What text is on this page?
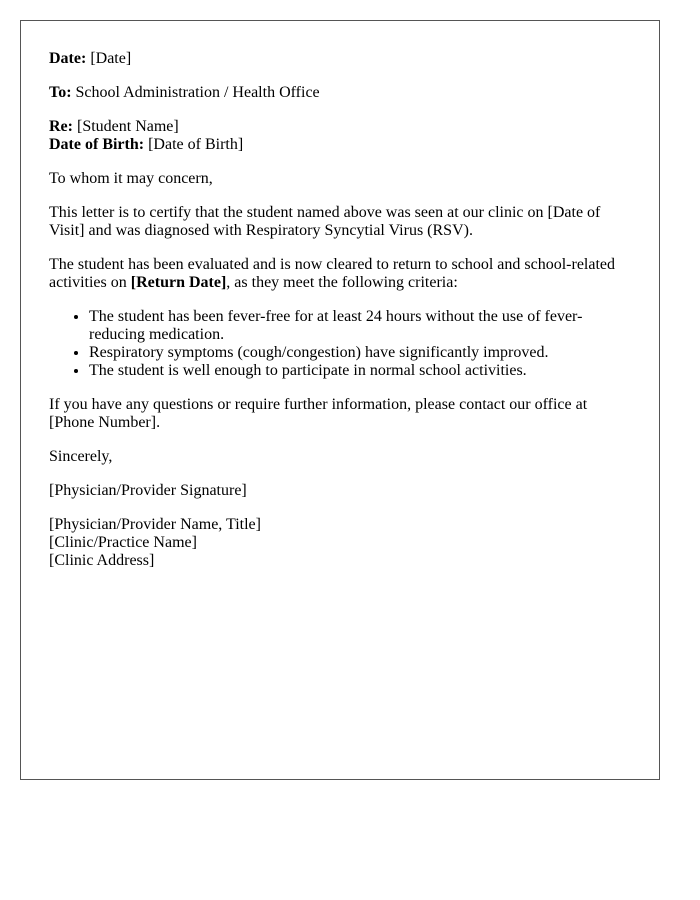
Date: [Date]

To: School Administration / Health Office

Re: [Student Name]

Date of Birth: [Date of Birth]

To whom it may concern,

This letter is to certify that the student named above was seen at our clinic on [Date of Visit] and was diagnosed with Respiratory Syncytial Virus (RSV).

The student has been evaluated and is now cleared to return to school and school-related activities on [Return Date], as they meet the following criteria:

• The student has been fever-free for at least 24 hours without the use of fever-reducing medication.
• Respiratory symptoms (cough/congestion) have significantly improved.
• The student is well enough to participate in normal school activities.

If you have any questions or require further information, please contact our office at [Phone Number].

Sincerely,

[Physician/Provider Signature]

[Physician/Provider Name, Title]

[Clinic/Practice Name]

[Clinic Address]
